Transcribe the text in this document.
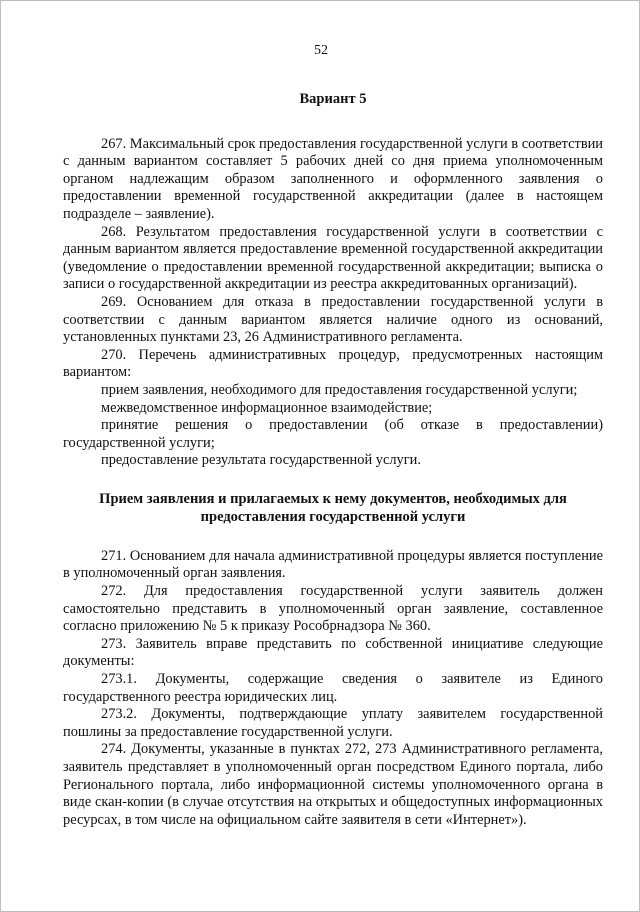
52
Вариант 5

267. Максимальный срок предоставления государственной услуги в соответствии с данным вариантом составляет 5 рабочих дней со дня приема уполномоченным органом надлежащим образом заполненного и оформленного заявления о предоставлении временной государственной аккредитации (далее в настоящем подразделе – заявление).

268. Результатом предоставления государственной услуги в соответствии с данным вариантом является предоставление временной государственной аккредитации (уведомление о предоставлении временной государственной аккредитации; выписка о записи о государственной аккредитации из реестра аккредитованных организаций).

269. Основанием для отказа в предоставлении государственной услуги в соответствии с данным вариантом является наличие одного из оснований, установленных пунктами 23, 26 Административного регламента.

270. Перечень административных процедур, предусмотренных настоящим вариантом:

прием заявления, необходимого для предоставления государственной услуги;

межведомственное информационное взаимодействие;

принятие решения о предоставлении (об отказе в предоставлении) государственной услуги;

предоставление результата государственной услуги.

Прием заявления и прилагаемых к нему документов, необходимых для
предоставления государственной услуги

271. Основанием для начала административной процедуры является поступление в уполномоченный орган заявления.

272. Для предоставления государственной услуги заявитель должен самостоятельно представить в уполномоченный орган заявление, составленное согласно приложению № 5 к приказу Рособрнадзора № 360.

273. Заявитель вправе представить по собственной инициативе следующие документы:

273.1. Документы, содержащие сведения о заявителе из Единого государственного реестра юридических лиц.

273.2. Документы, подтверждающие уплату заявителем государственной пошлины за предоставление государственной услуги.

274. Документы, указанные в пунктах 272, 273 Административного регламента, заявитель представляет в уполномоченный орган посредством Единого портала, либо Регионального портала, либо информационной системы уполномоченного органа в виде скан-копии (в случае отсутствия на открытых и общедоступных информационных ресурсах, в том числе на официальном сайте заявителя в сети «Интернет»).
